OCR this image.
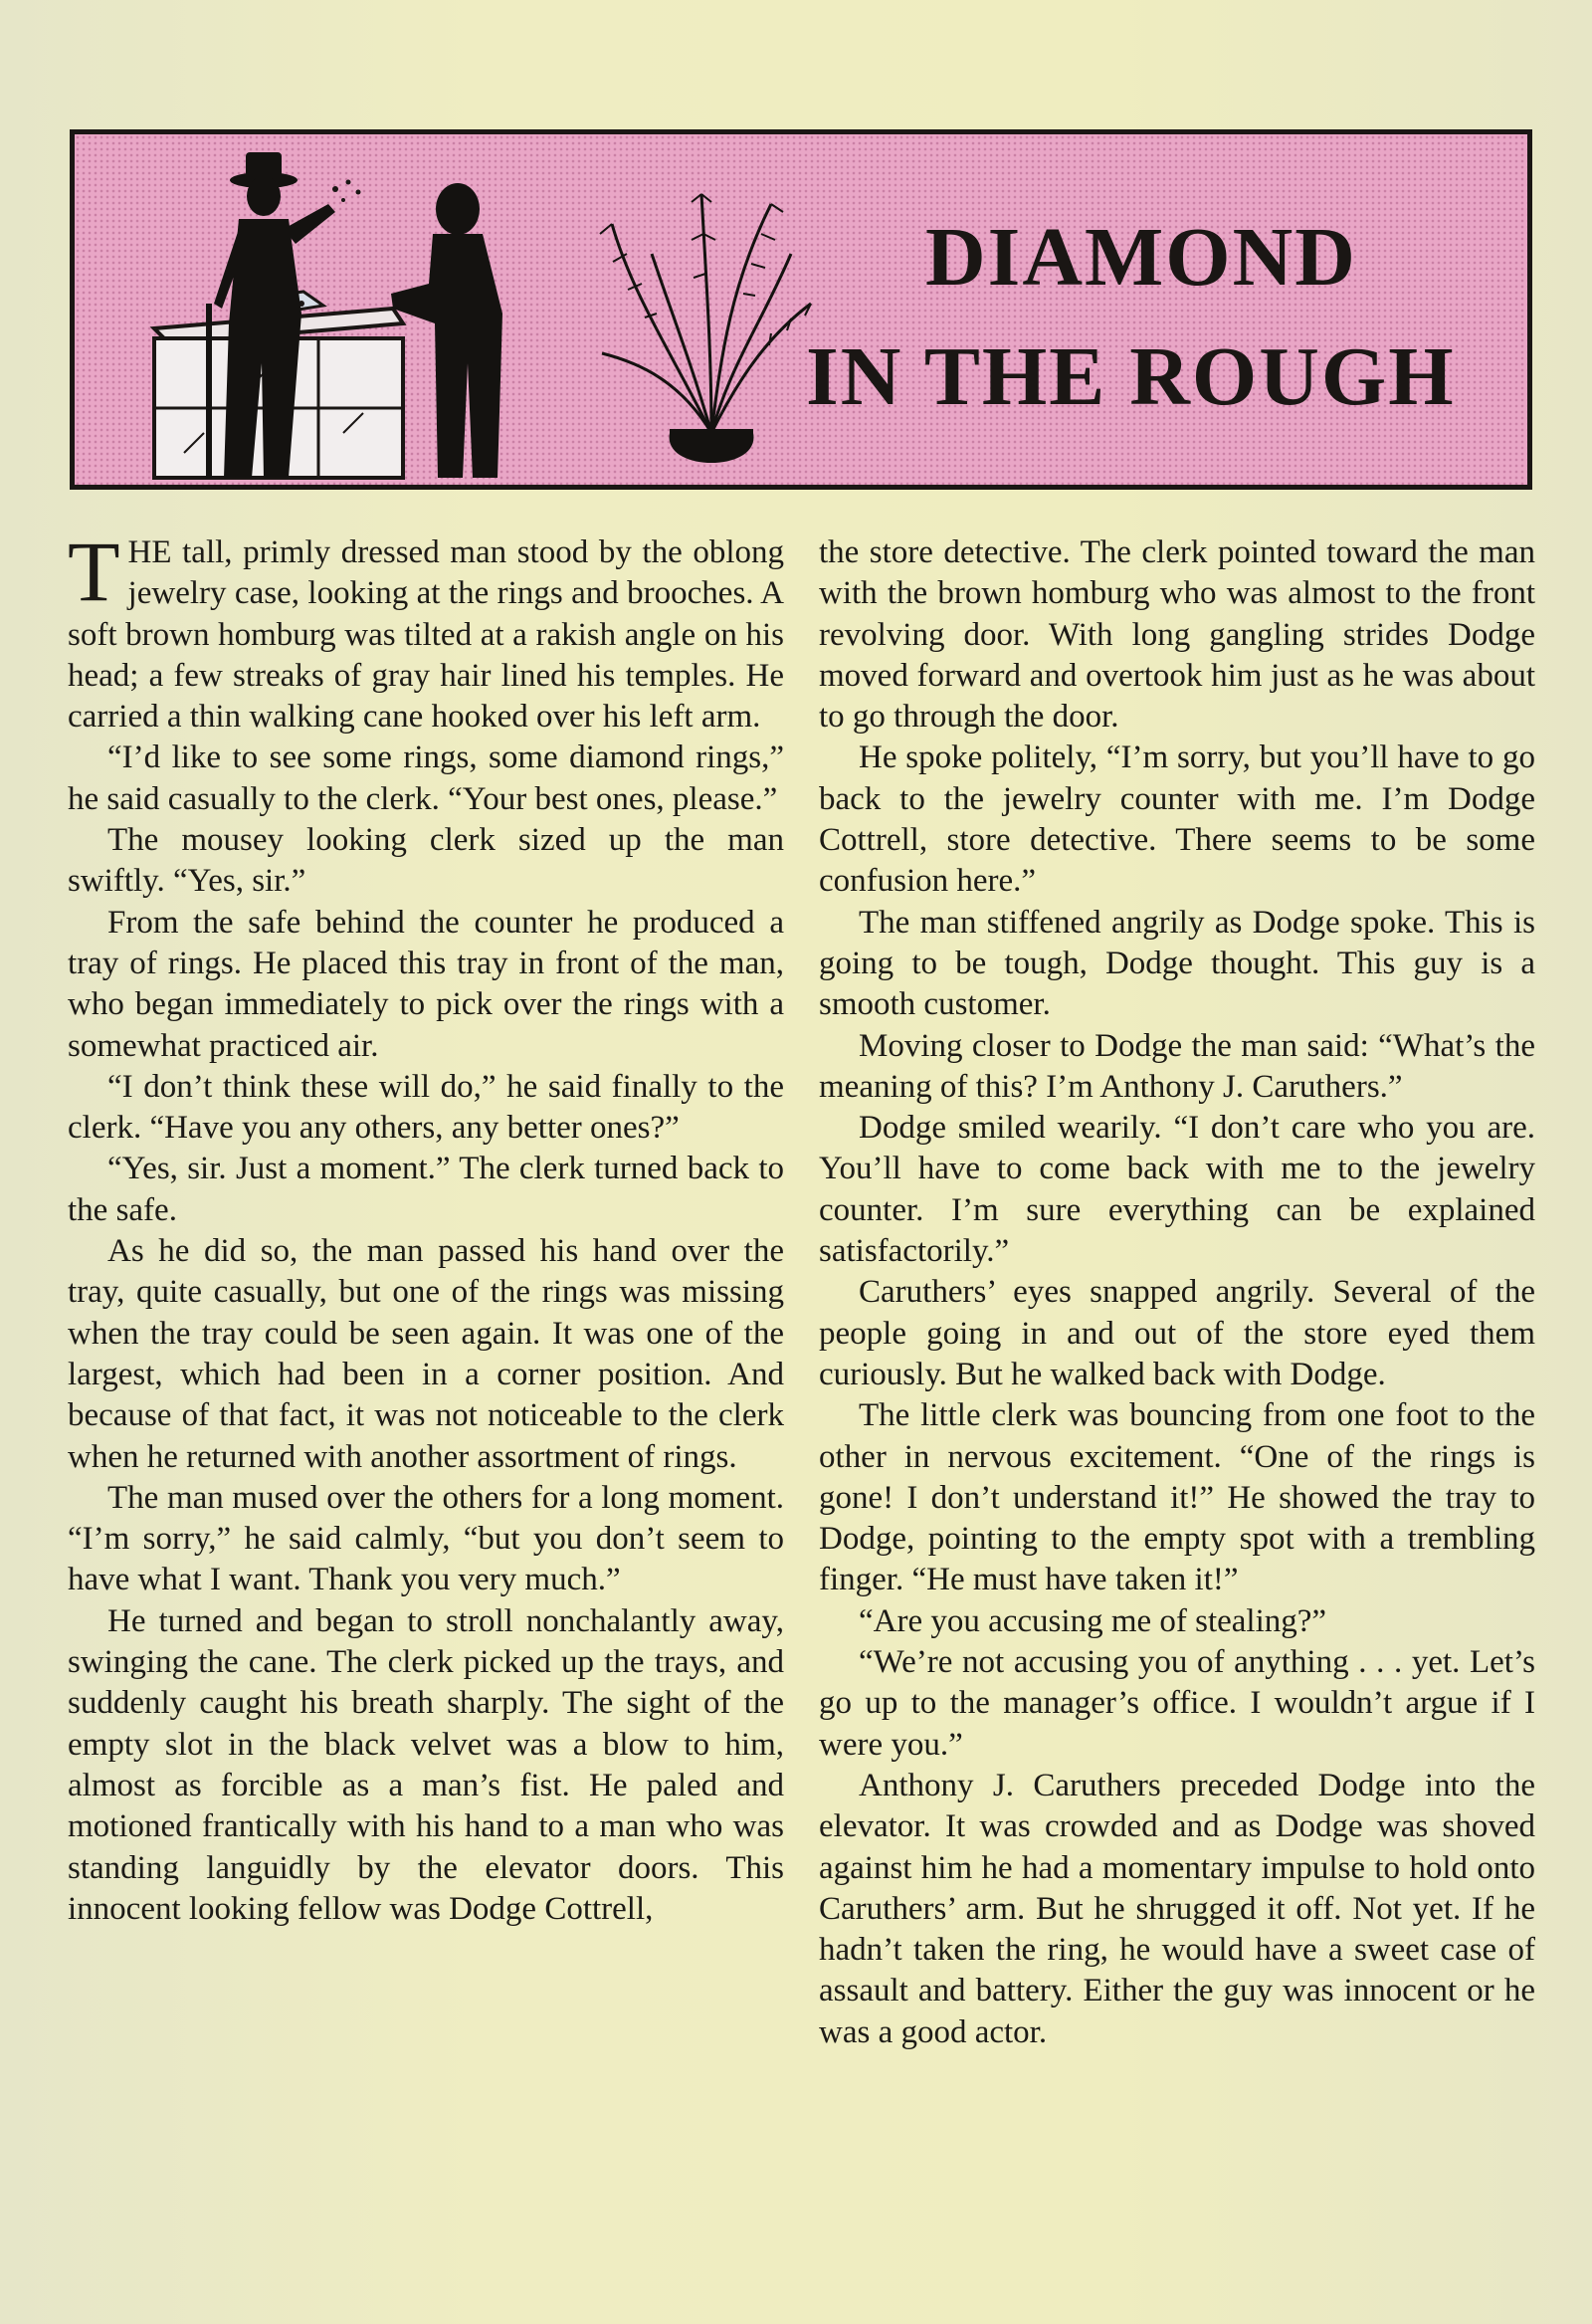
DIAMOND
IN THE ROUGH

THE tall, primly dressed man stood by the oblong jewelry case, looking at the rings and brooches. A soft brown homburg was tilted at a rakish angle on his head; a few streaks of gray hair lined his temples. He carried a thin walking cane hooked over his left arm.

“I’d like to see some rings, some diamond rings,” he said casually to the clerk. “Your best ones, please.”

The mousey looking clerk sized up the man swiftly. “Yes, sir.”

From the safe behind the counter he produced a tray of rings. He placed this tray in front of the man, who began immediately to pick over the rings with a somewhat practiced air.

“I don’t think these will do,” he said finally to the clerk. “Have you any others, any better ones?”

“Yes, sir. Just a moment.” The clerk turned back to the safe.

As he did so, the man passed his hand over the tray, quite casually, but one of the rings was missing when the tray could be seen again. It was one of the largest, which had been in a corner position. And because of that fact, it was not noticeable to the clerk when he returned with another assortment of rings.

The man mused over the others for a long moment. “I’m sorry,” he said calmly, “but you don’t seem to have what I want. Thank you very much.”

He turned and began to stroll nonchalantly away, swinging the cane. The clerk picked up the trays, and suddenly caught his breath sharply. The sight of the empty slot in the black velvet was a blow to him, almost as forcible as a man’s fist. He paled and motioned frantically with his hand to a man who was standing languidly by the elevator doors. This innocent looking fellow was Dodge Cottrell,

the store detective. The clerk pointed toward the man with the brown homburg who was almost to the front revolving door. With long gangling strides Dodge moved forward and overtook him just as he was about to go through the door.

He spoke politely, “I’m sorry, but you’ll have to go back to the jewelry counter with me. I’m Dodge Cottrell, store detective. There seems to be some confusion here.”

The man stiffened angrily as Dodge spoke. This is going to be tough, Dodge thought. This guy is a smooth customer.

Moving closer to Dodge the man said: “What’s the meaning of this? I’m Anthony J. Caruthers.”

Dodge smiled wearily. “I don’t care who you are. You’ll have to come back with me to the jewelry counter. I’m sure everything can be explained satisfactorily.”

Caruthers’ eyes snapped angrily. Several of the people going in and out of the store eyed them curiously. But he walked back with Dodge.

The little clerk was bouncing from one foot to the other in nervous excitement. “One of the rings is gone! I don’t understand it!” He showed the tray to Dodge, pointing to the empty spot with a trembling finger. “He must have taken it!”

“Are you accusing me of stealing?”

“We’re not accusing you of anything . . . yet. Let’s go up to the manager’s office. I wouldn’t argue if I were you.”

Anthony J. Caruthers preceded Dodge into the elevator. It was crowded and as Dodge was shoved against him he had a momentary impulse to hold onto Caruthers’ arm. But he shrugged it off. Not yet. If he hadn’t taken the ring, he would have a sweet case of assault and battery. Either the guy was innocent or he was a good actor.
